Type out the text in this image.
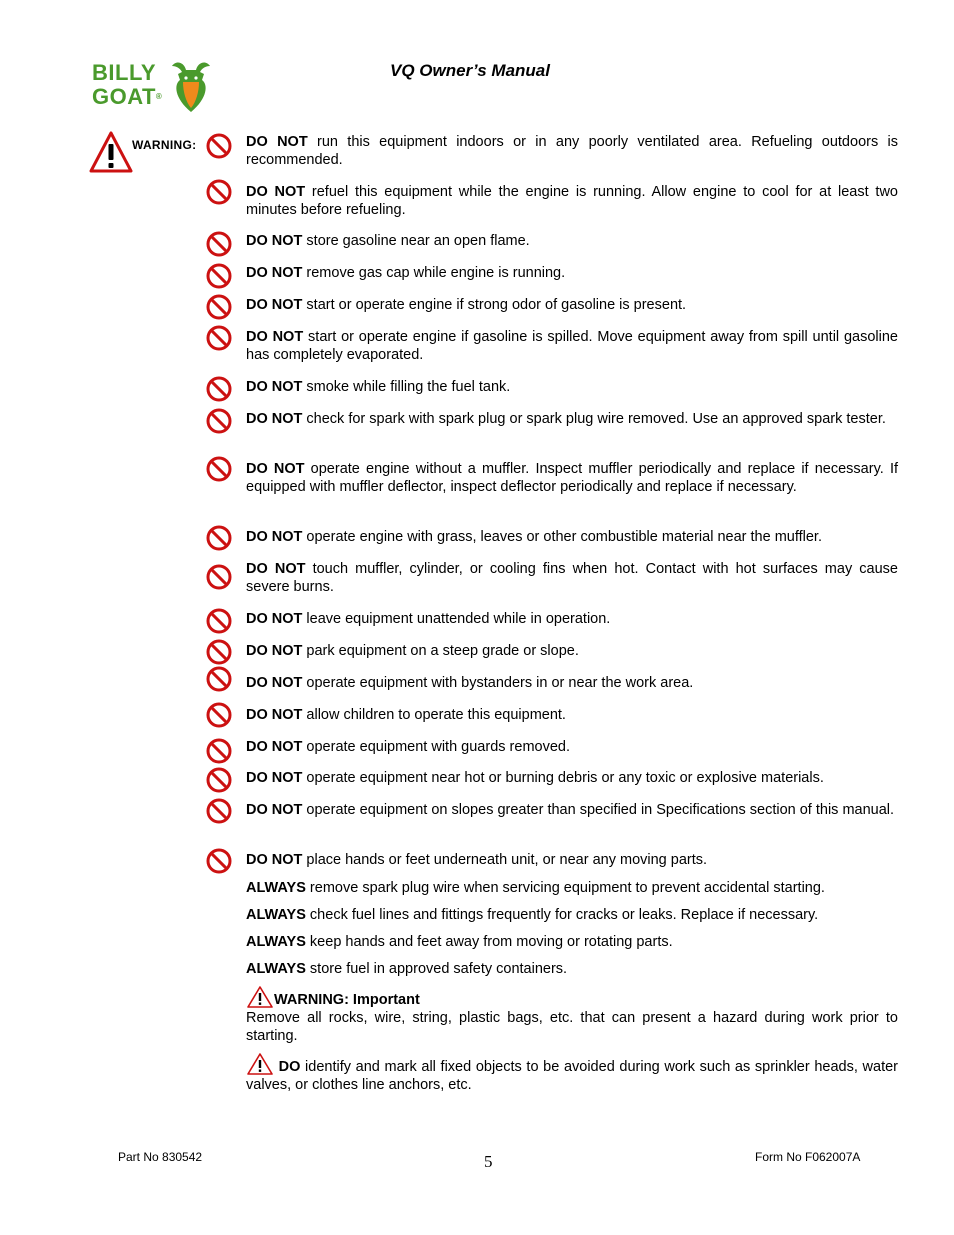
BILLY
GOAT®
VQ Owner’s Manual
WARNING:	DO NOT run this equipment indoors or in any poorly ventilated area. Refueling outdoors is recommended.
DO NOT refuel this equipment while the engine is running. Allow engine to cool for at least two minutes before refueling.
DO NOT store gasoline near an open flame.
DO NOT remove gas cap while engine is running.
DO NOT start or operate engine if strong odor of gasoline is present.
DO NOT start or operate engine if gasoline is spilled. Move equipment away from spill until gasoline has completely evaporated.
DO NOT smoke while filling the fuel tank.
DO NOT check for spark with spark plug or spark plug wire removed. Use an approved spark tester.
DO NOT operate engine without a muffler. Inspect muffler periodically and replace if necessary. If equipped with muffler deflector, inspect deflector periodically and replace if necessary.
DO NOT operate engine with grass, leaves or other combustible material near the muffler.
DO NOT touch muffler, cylinder, or cooling fins when hot. Contact with hot surfaces may cause severe burns.
DO NOT leave equipment unattended while in operation.
DO NOT park equipment on a steep grade or slope.
DO NOT operate equipment with bystanders in or near the work area.
DO NOT allow children to operate this equipment.
DO NOT operate equipment with guards removed.
DO NOT operate equipment near hot or burning debris or any toxic or explosive materials.
DO NOT operate equipment on slopes greater than specified in Specifications section of this manual.
DO NOT place hands or feet underneath unit, or near any moving parts.
ALWAYS remove spark plug wire when servicing equipment to prevent accidental starting.
ALWAYS check fuel lines and fittings frequently for cracks or leaks. Replace if necessary.
ALWAYS keep hands and feet away from moving or rotating parts.
ALWAYS store fuel in approved safety containers.
WARNING: Important
Remove all rocks, wire, string, plastic bags, etc. that can present a hazard during work prior to starting.
DO identify and mark all fixed objects to be avoided during work such as sprinkler heads, water valves, or clothes line anchors, etc.
Part No 830542	5	Form No F062007A
